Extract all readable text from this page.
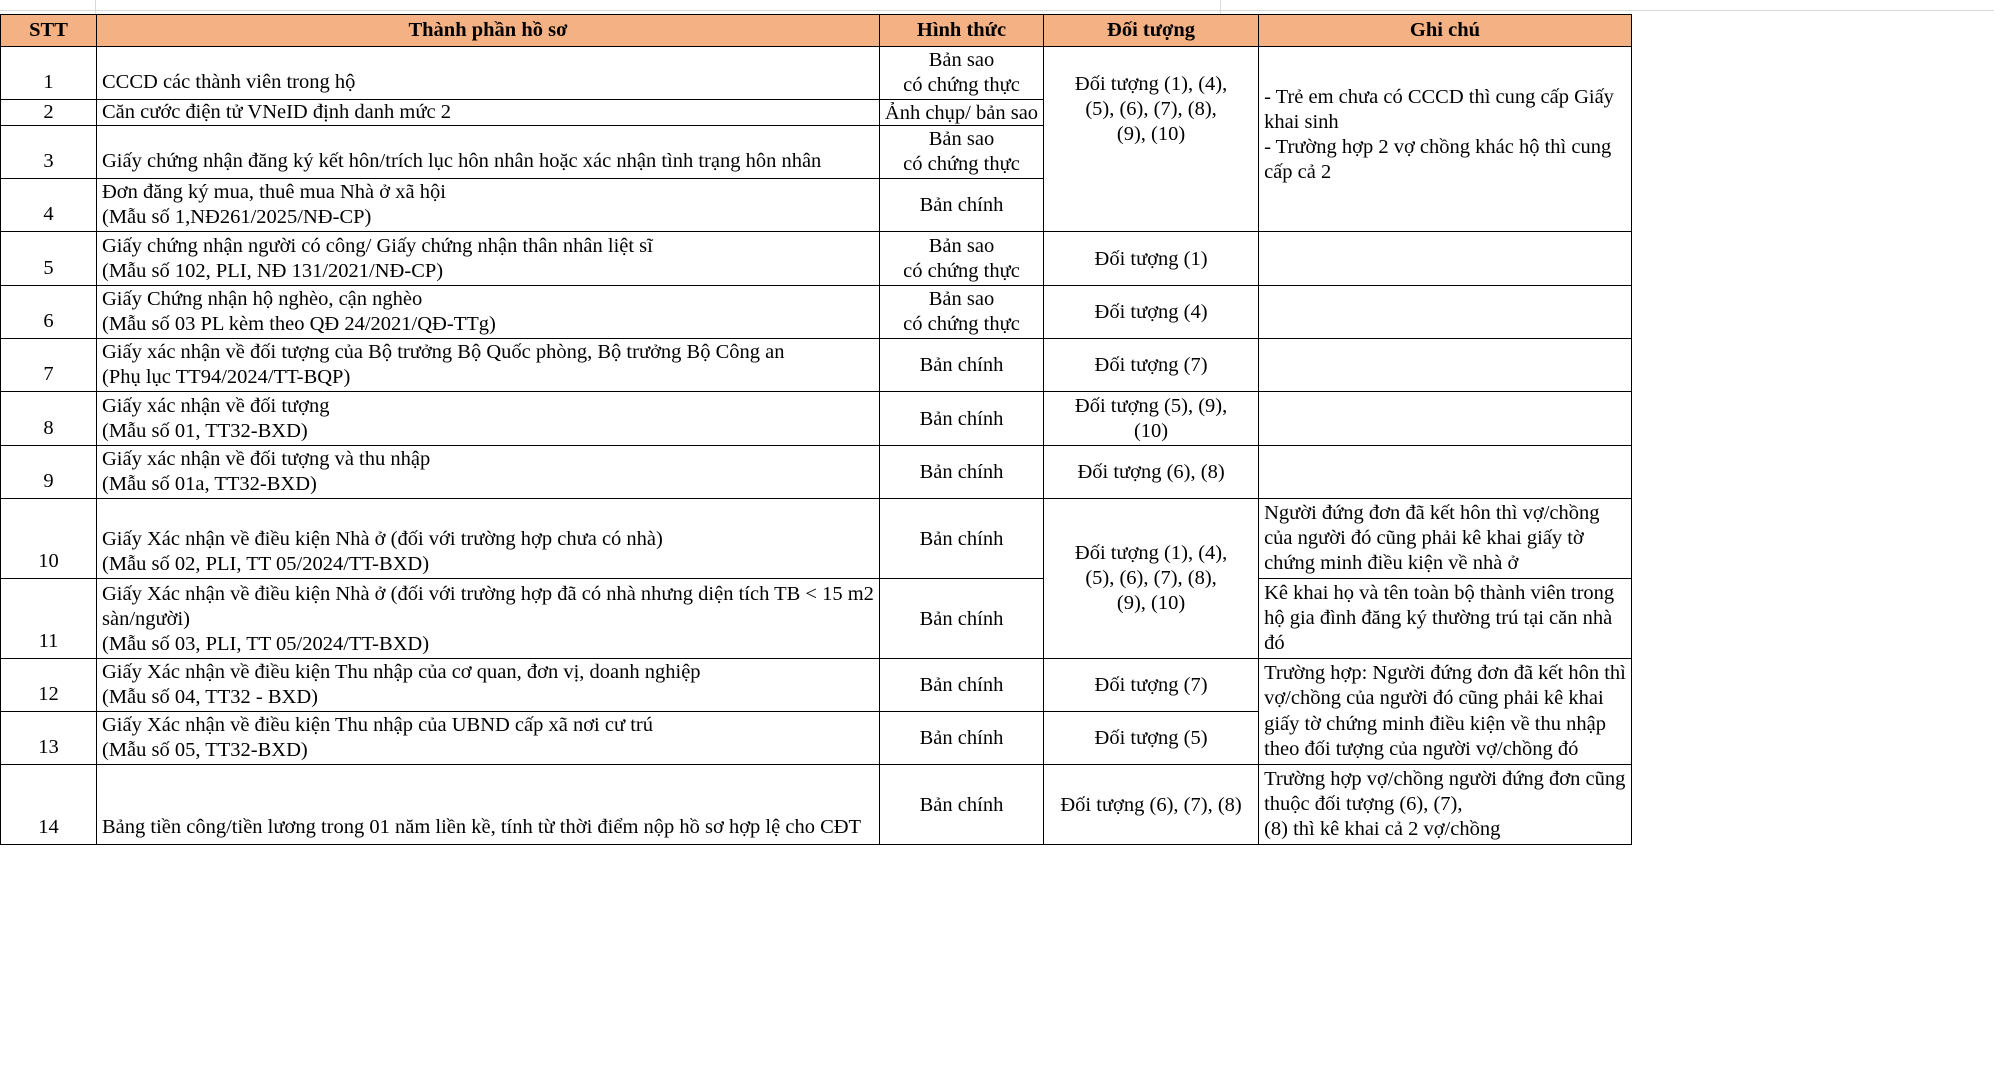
STT	Thành phần hồ sơ	Hình thức	Đối tượng	Ghi chú
1	CCCD các thành viên trong hộ	Bản sao
có chứng thực	Đối tượng (1), (4),
(5), (6), (7), (8),
(9), (10)	- Trẻ em chưa có CCCD thì cung cấp Giấy
khai sinh
- Trường hợp 2 vợ chồng khác hộ thì cung
cấp cả 2

2	Căn cước điện tử VNeID định danh mức 2	Ảnh chụp/ bản sao		

3	Giấy chứng nhận đăng ký kết hôn/trích lục hôn nhân hoặc xác nhận tình trạng hôn nhân	Bản sao
có chứng thực		

4	Đơn đăng ký mua, thuê mua Nhà ở xã hội
(Mẫu số 1,NĐ261/2025/NĐ-CP)	Bản chính		

5	Giấy chứng nhận người có công/ Giấy chứng nhận thân nhân liệt sĩ
(Mẫu số 102, PLI, NĐ 131/2021/NĐ-CP)	Bản sao
có chứng thực	Đối tượng (1)	

6	Giấy Chứng nhận hộ nghèo, cận nghèo
(Mẫu số 03 PL kèm theo QĐ 24/2021/QĐ-TTg)	Bản sao
có chứng thực	Đối tượng (4)	

7	Giấy xác nhận về đối tượng của Bộ trưởng Bộ Quốc phòng, Bộ trưởng Bộ Công an
(Phụ lục TT94/2024/TT-BQP)	Bản chính	Đối tượng (7)	

8	Giấy xác nhận về đối tượng
(Mẫu số 01, TT32-BXD)	Bản chính	Đối tượng (5), (9),
(10)	

9	Giấy xác nhận về đối tượng và thu nhập
(Mẫu số 01a, TT32-BXD)	Bản chính	Đối tượng (6), (8)	

10	Giấy Xác nhận về điều kiện Nhà ở (đối với trường hợp chưa có nhà)
(Mẫu số 02, PLI, TT 05/2024/TT-BXD)	Bản chính	Đối tượng (1), (4),
(5), (6), (7), (8),
(9), (10)	Người đứng đơn đã kết hôn thì vợ/chồng
của người đó cũng phải kê khai giấy tờ
chứng minh điều kiện về nhà ở

11	Giấy Xác nhận về điều kiện Nhà ở (đối với trường hợp đã có nhà nhưng diện tích TB < 15 m2
sàn/người)
(Mẫu số 03, PLI, TT 05/2024/TT-BXD)	Bản chính		Kê khai họ và tên toàn bộ thành viên trong
hộ gia đình đăng ký thường trú tại căn nhà
đó

12	Giấy Xác nhận về điều kiện Thu nhập của cơ quan, đơn vị, doanh nghiệp
(Mẫu số 04, TT32 - BXD)	Bản chính	Đối tượng (7)	Trường hợp: Người đứng đơn đã kết hôn thì
vợ/chồng của người đó cũng phải kê khai
giấy tờ chứng minh điều kiện về thu nhập
theo đối tượng của người vợ/chồng đó

13	Giấy Xác nhận về điều kiện Thu nhập của UBND cấp xã nơi cư trú
(Mẫu số 05, TT32-BXD)	Bản chính	Đối tượng (5)	

14	Bảng tiền công/tiền lương trong 01 năm liền kề, tính từ thời điểm nộp hồ sơ hợp lệ cho CĐT	Bản chính	Đối tượng (6), (7), (8)	Trường hợp vợ/chồng người đứng đơn cũng
thuộc đối tượng (6), (7),
(8) thì kê khai cả 2 vợ/chồng
